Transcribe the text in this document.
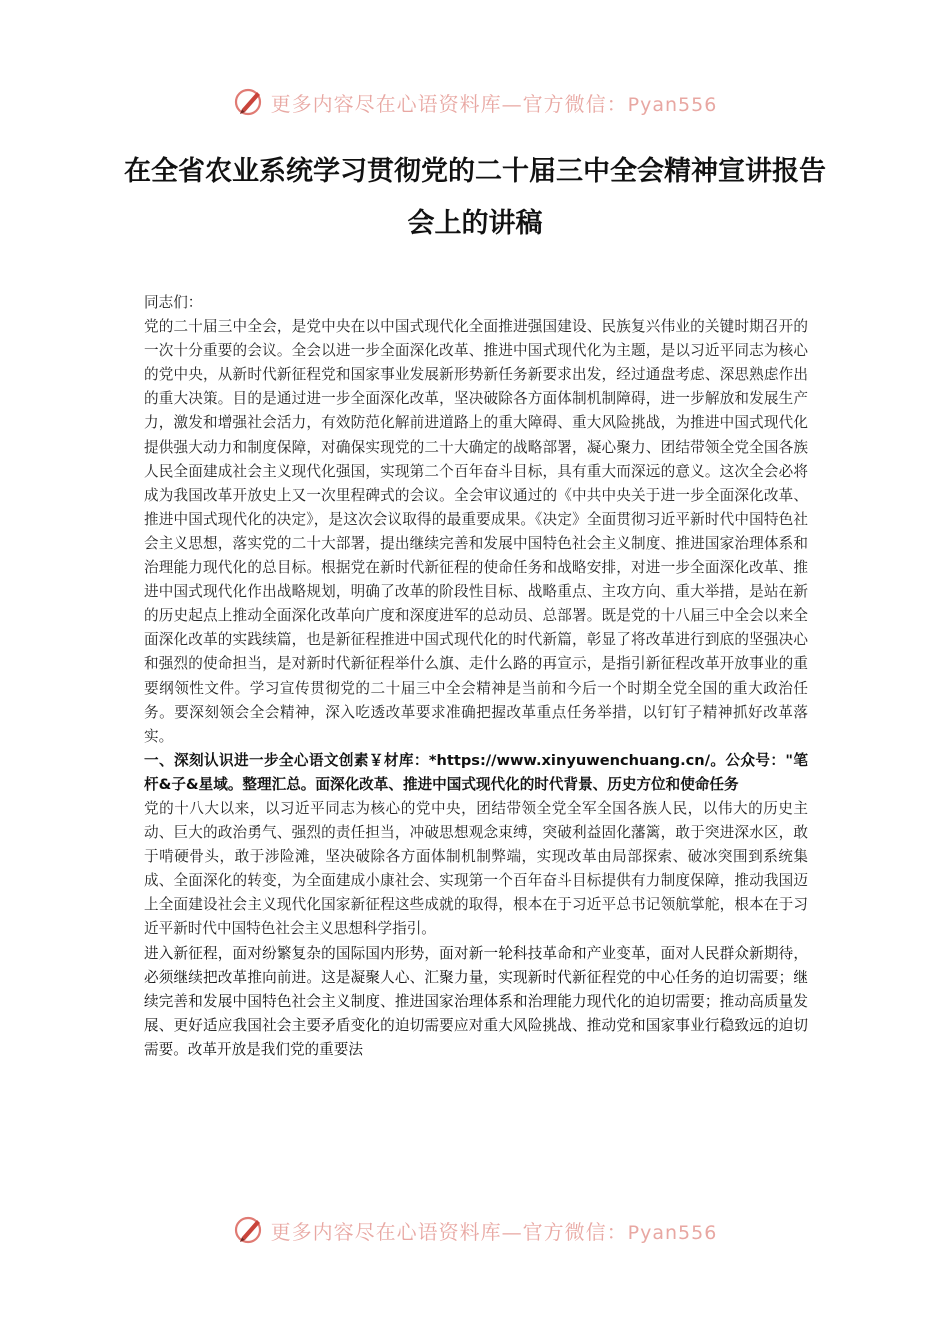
更多内容尽在心语资料库—官方微信：Pyan556
在全省农业系统学习贯彻党的二十届三中全会精神宣讲报告会上的讲稿

同志们：

党的二十届三中全会，是党中央在以中国式现代化全面推进强国建设、民族复兴伟业的关键时期召开的一次十分重要的会议。全会以进一步全面深化改革、推进中国式现代化为主题，是以习近平同志为核心的党中央，从新时代新征程党和国家事业发展新形势新任务新要求出发，经过通盘考虑、深思熟虑作出的重大决策。目的是通过进一步全面深化改革，坚决破除各方面体制机制障碍，进一步解放和发展生产力，激发和增强社会活力，有效防范化解前进道路上的重大障碍、重大风险挑战，为推进中国式现代化提供强大动力和制度保障，对确保实现党的二十大确定的战略部署，凝心聚力、团结带领全党全国各族人民全面建成社会主义现代化强国，实现第二个百年奋斗目标，具有重大而深远的意义。这次全会必将成为我国改革开放史上又一次里程碑式的会议。全会审议通过的《中共中央关于进一步全面深化改革、推进中国式现代化的决定》，是这次会议取得的最重要成果。《决定》全面贯彻习近平新时代中国特色社会主义思想，落实党的二十大部署，提出继续完善和发展中国特色社会主义制度、推进国家治理体系和治理能力现代化的总目标。根据党在新时代新征程的使命任务和战略安排，对进一步全面深化改革、推进中国式现代化作出战略规划，明确了改革的阶段性目标、战略重点、主攻方向、重大举措，是站在新的历史起点上推动全面深化改革向广度和深度进军的总动员、总部署。既是党的十八届三中全会以来全面深化改革的实践续篇，也是新征程推进中国式现代化的时代新篇，彰显了将改革进行到底的坚强决心和强烈的使命担当，是对新时代新征程举什么旗、走什么路的再宣示，是指引新征程改革开放事业的重要纲领性文件。学习宣传贯彻党的二十届三中全会精神是当前和今后一个时期全党全国的重大政治任务。要深刻领会全会精神，深入吃透改革要求准确把握改革重点任务举措，以钉钉子精神抓好改革落实。

一、深刻认识进一步全心语文创素￥材库：*https://www.xinyuwenchuang.cn/。公众号："笔杆&子&星域。整理汇总。面深化改革、推进中国式现代化的时代背景、历史方位和使命任务

党的十八大以来，以习近平同志为核心的党中央，团结带领全党全军全国各族人民，以伟大的历史主动、巨大的政治勇气、强烈的责任担当，冲破思想观念束缚，突破利益固化藩篱，敢于突进深水区，敢于啃硬骨头，敢于涉险滩，坚决破除各方面体制机制弊端，实现改革由局部探索、破冰突围到系统集成、全面深化的转变，为全面建成小康社会、实现第一个百年奋斗目标提供有力制度保障，推动我国迈上全面建设社会主义现代化国家新征程这些成就的取得，根本在于习近平总书记领航掌舵，根本在于习近平新时代中国特色社会主义思想科学指引。

进入新征程，面对纷繁复杂的国际国内形势，面对新一轮科技革命和产业变革，面对人民群众新期待，必须继续把改革推向前进。这是凝聚人心、汇聚力量，实现新时代新征程党的中心任务的迫切需要；继续完善和发展中国特色社会主义制度、推进国家治理体系和治理能力现代化的迫切需要；推动高质量发展、更好适应我国社会主要矛盾变化的迫切需要应对重大风险挑战、推动党和国家事业行稳致远的迫切需要。改革开放是我们党的重要法

更多内容尽在心语资料库—官方微信：Pyan556
